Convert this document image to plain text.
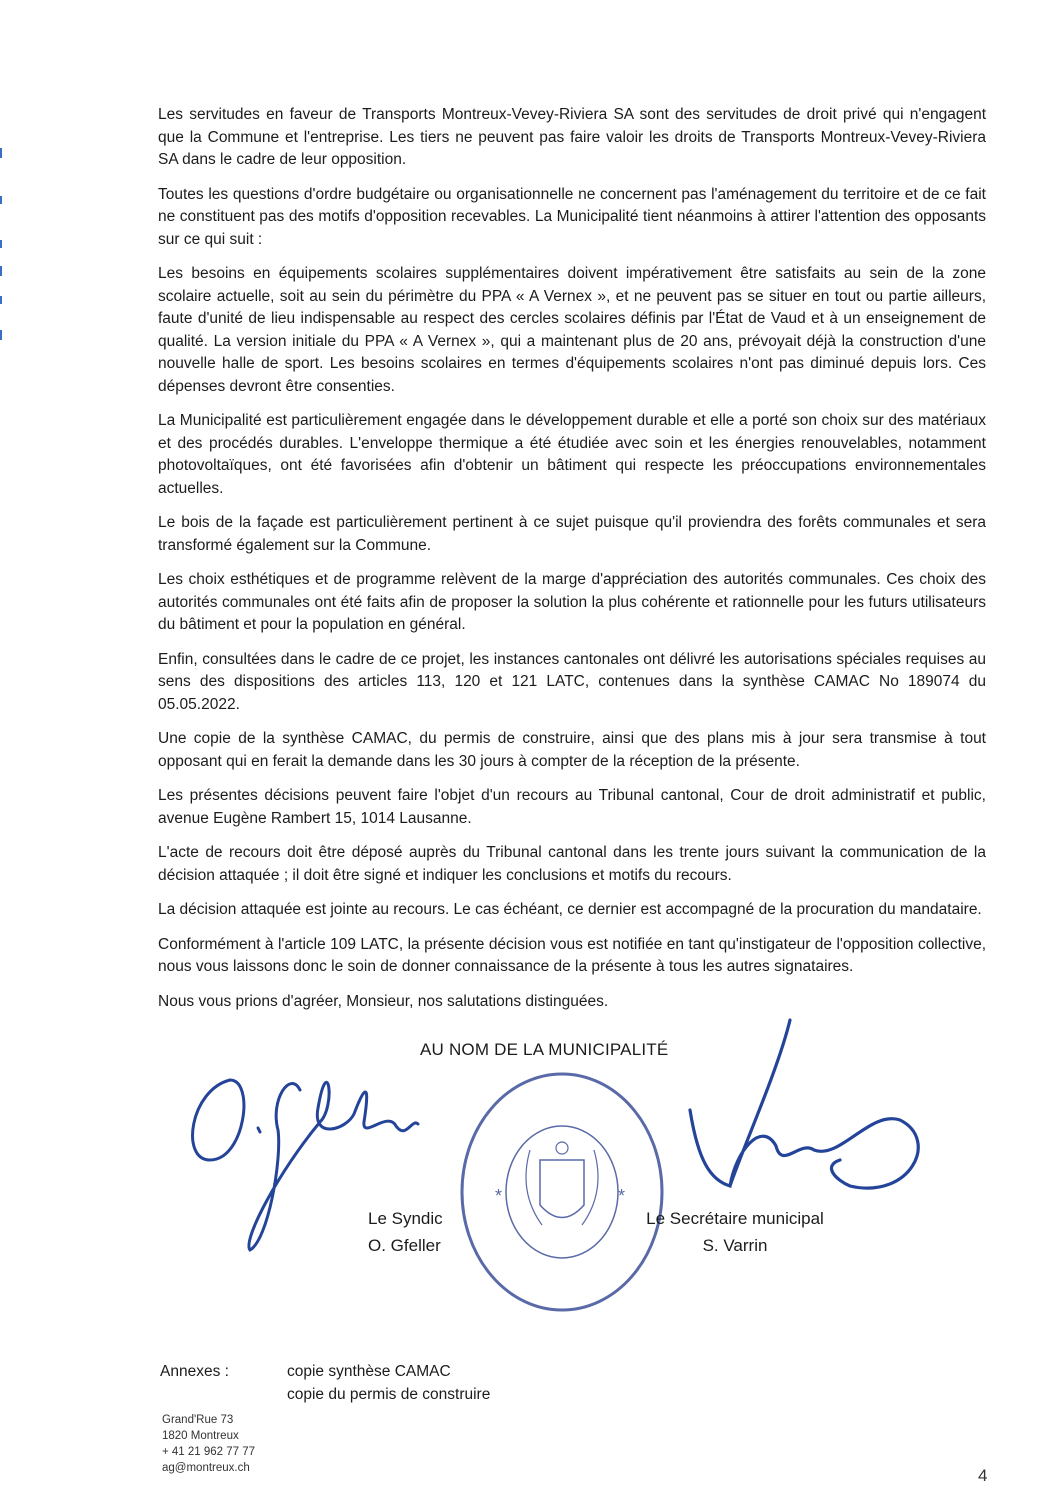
Les servitudes en faveur de Transports Montreux-Vevey-Riviera SA sont des servitudes de droit privé qui n'engagent que la Commune et l'entreprise. Les tiers ne peuvent pas faire valoir les droits de Transports Montreux-Vevey-Riviera SA dans le cadre de leur opposition.

Toutes les questions d'ordre budgétaire ou organisationnelle ne concernent pas l'aménagement du territoire et de ce fait ne constituent pas des motifs d'opposition recevables. La Municipalité tient néanmoins à attirer l'attention des opposants sur ce qui suit :

Les besoins en équipements scolaires supplémentaires doivent impérativement être satisfaits au sein de la zone scolaire actuelle, soit au sein du périmètre du PPA « A Vernex », et ne peuvent pas se situer en tout ou partie ailleurs, faute d'unité de lieu indispensable au respect des cercles scolaires définis par l'État de Vaud et à un enseignement de qualité. La version initiale du PPA « A Vernex », qui a maintenant plus de 20 ans, prévoyait déjà la construction d'une nouvelle halle de sport. Les besoins scolaires en termes d'équipements scolaires n'ont pas diminué depuis lors. Ces dépenses devront être consenties.

La Municipalité est particulièrement engagée dans le développement durable et elle a porté son choix sur des matériaux et des procédés durables. L'enveloppe thermique a été étudiée avec soin et les énergies renouvelables, notamment photovoltaïques, ont été favorisées afin d'obtenir un bâtiment qui respecte les préoccupations environnementales actuelles.

Le bois de la façade est particulièrement pertinent à ce sujet puisque qu'il proviendra des forêts communales et sera transformé également sur la Commune.

Les choix esthétiques et de programme relèvent de la marge d'appréciation des autorités communales. Ces choix des autorités communales ont été faits afin de proposer la solution la plus cohérente et rationnelle pour les futurs utilisateurs du bâtiment et pour la population en général.

Enfin, consultées dans le cadre de ce projet, les instances cantonales ont délivré les autorisations spéciales requises au sens des dispositions des articles 113, 120 et 121 LATC, contenues dans la synthèse CAMAC No 189074 du 05.05.2022.

Une copie de la synthèse CAMAC, du permis de construire, ainsi que des plans mis à jour sera transmise à tout opposant qui en ferait la demande dans les 30 jours à compter de la réception de la présente.

Les présentes décisions peuvent faire l'objet d'un recours au Tribunal cantonal, Cour de droit administratif et public, avenue Eugène Rambert 15, 1014 Lausanne.

L'acte de recours doit être déposé auprès du Tribunal cantonal dans les trente jours suivant la communication de la décision attaquée ; il doit être signé et indiquer les conclusions et motifs du recours.

La décision attaquée est jointe au recours. Le cas échéant, ce dernier est accompagné de la procuration du mandataire.

Conformément à l'article 109 LATC, la présente décision vous est notifiée en tant qu'instigateur de l'opposition collective, nous vous laissons donc le soin de donner connaissance de la présente à tous les autres signataires.

Nous vous prions d'agréer, Monsieur, nos salutations distinguées.

*	*
AU NOM DE LA MUNICIPALITÉ
Le Syndic
O. Gfeller
Le Secrétaire municipal
S. Varrin
Annexes :	copie synthèse CAMAC
copie du permis de construire
Grand'Rue 73
1820 Montreux
+ 41 21 962 77 77
ag@montreux.ch	4
